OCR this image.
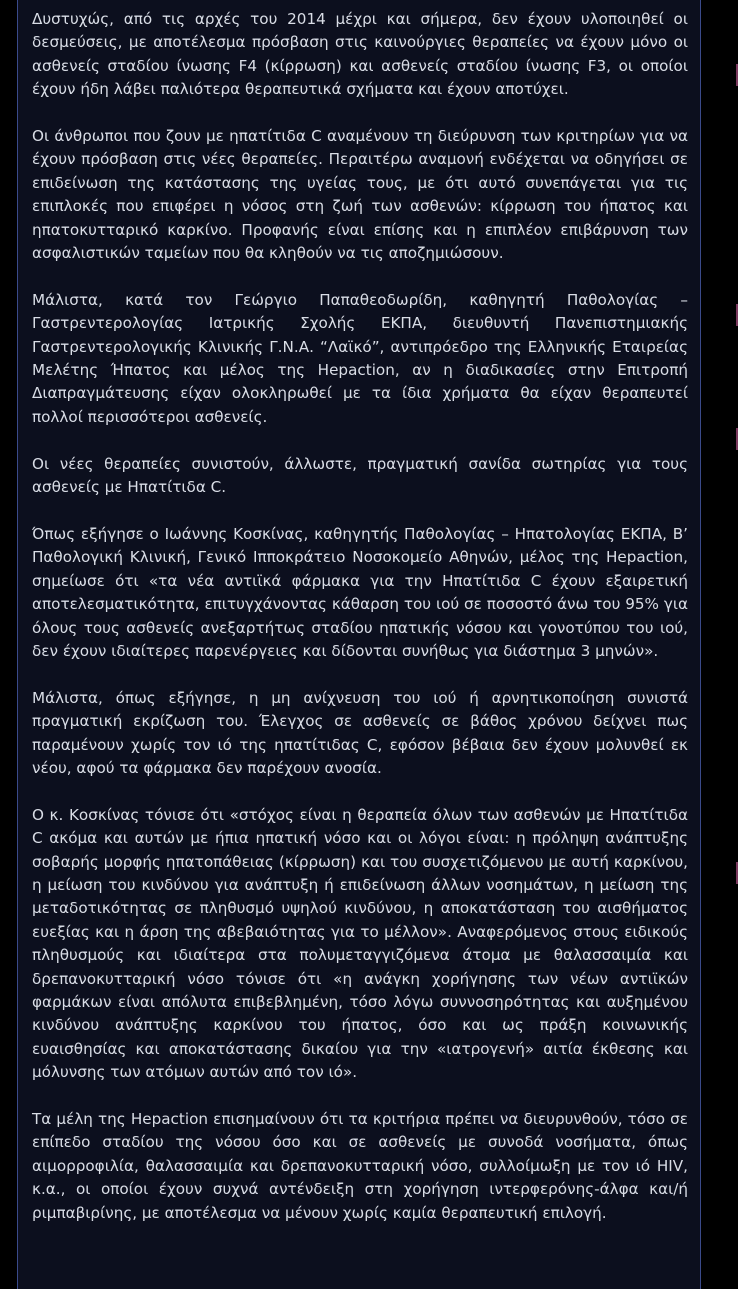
Δυστυχώς, από τις αρχές του 2014 μέχρι και σήμερα, δεν έχουν υλοποιηθεί οι δεσμεύσεις, με αποτέλεσμα πρόσβαση στις καινούργιες θεραπείες να έχουν μόνο οι ασθενείς σταδίου ίνωσης F4 (κίρρωση) και ασθενείς σταδίου ίνωσης F3, οι οποίοι έχουν ήδη λάβει παλιότερα θεραπευτικά σχήματα και έχουν αποτύχει.

Οι άνθρωποι που ζουν με ηπατίτιδα C αναμένουν τη διεύρυνση των κριτηρίων για να έχουν πρόσβαση στις νέες θεραπείες. Περαιτέρω αναμονή ενδέχεται να οδηγήσει σε επιδείνωση της κατάστασης της υγείας τους, με ότι αυτό συνεπάγεται για τις επιπλοκές που επιφέρει η νόσος στη ζωή των ασθενών: κίρρωση του ήπατος και ηπατοκυτταρικό καρκίνο. Προφανής είναι επίσης και η επιπλέον επιβάρυνση των ασφαλιστικών ταμείων που θα κληθούν να τις αποζημιώσουν.

Μάλιστα, κατά τον Γεώργιο Παπαθεοδωρίδη, καθηγητή Παθολογίας – Γαστρεντερολογίας Ιατρικής Σχολής ΕΚΠΑ, διευθυντή Πανεπιστημιακής Γαστρεντερολογικής Κλινικής Γ.Ν.Α. “Λαϊκό”, αντιπρόεδρο της Ελληνικής Εταιρείας Μελέτης Ήπατος και μέλος της Hepaction, αν η διαδικασίες στην Επιτροπή Διαπραγμάτευσης είχαν ολοκληρωθεί με τα ίδια χρήματα θα είχαν θεραπευτεί πολλοί περισσότεροι ασθενείς.

Οι νέες θεραπείες συνιστούν, άλλωστε, πραγματική σανίδα σωτηρίας για τους ασθενείς με Ηπατίτιδα C.

Όπως εξήγησε ο Ιωάννης Κοσκίνας, καθηγητής Παθολογίας – Ηπατολογίας ΕΚΠΑ, Β’ Παθολογική Κλινική, Γενικό Ιπποκράτειο Νοσοκομείο Αθηνών, μέλος της Hepaction, σημείωσε ότι «τα νέα αντιϊκά φάρμακα για την Ηπατίτιδα C έχουν εξαιρετική αποτελεσματικότητα, επιτυγχάνοντας κάθαρση του ιού σε ποσοστό άνω του 95% για όλους τους ασθενείς ανεξαρτήτως σταδίου ηπατικής νόσου και γονοτύπου του ιού, δεν έχουν ιδιαίτερες παρενέργειες και δίδονται συνήθως για διάστημα 3 μηνών».

Μάλιστα, όπως εξήγησε, η μη ανίχνευση του ιού ή αρνητικοποίηση συνιστά πραγματική εκρίζωση του. Έλεγχος σε ασθενείς σε βάθος χρόνου δείχνει πως παραμένουν χωρίς τον ιό της ηπατίτιδας C, εφόσον βέβαια δεν έχουν μολυνθεί εκ νέου, αφού τα φάρμακα δεν παρέχουν ανοσία.

Ο κ. Κοσκίνας τόνισε ότι «στόχος είναι η θεραπεία όλων των ασθενών με Ηπατίτιδα C ακόμα και αυτών με ήπια ηπατική νόσο και οι λόγοι είναι: η πρόληψη ανάπτυξης σοβαρής μορφής ηπατοπάθειας (κίρρωση) και του συσχετιζόμενου με αυτή καρκίνου, η μείωση του κινδύνου για ανάπτυξη ή επιδείνωση άλλων νοσημάτων, η μείωση της μεταδοτικότητας σε πληθυσμό υψηλού κινδύνου, η αποκατάσταση του αισθήματος ευεξίας και η άρση της αβεβαιότητας για το μέλλον». Αναφερόμενος στους ειδικούς πληθυσμούς και ιδιαίτερα στα πολυμεταγγιζόμενα άτομα με θαλασσαιμία και δρεπανοκυτταρική νόσο τόνισε ότι «η ανάγκη χορήγησης των νέων αντιϊκών φαρμάκων είναι απόλυτα επιβεβλημένη, τόσο λόγω συννοσηρότητας και αυξημένου κινδύνου ανάπτυξης καρκίνου του ήπατος, όσο και ως πράξη κοινωνικής ευαισθησίας και αποκατάστασης δικαίου για την «ιατρογενή» αιτία έκθεσης και μόλυνσης των ατόμων αυτών από τον ιό».

Τα μέλη της Hepaction επισημαίνουν ότι τα κριτήρια πρέπει να διευρυνθούν, τόσο σε επίπεδο σταδίου της νόσου όσο και σε ασθενείς με συνοδά νοσήματα, όπως αιμορροφιλία, θαλασσαιμία και δρεπανοκυτταρική νόσο, συλλοίμωξη με τον ιό HIV, κ.α., οι οποίοι έχουν συχνά αντένδειξη στη χορήγηση ιντερφερόνης-άλφα και/ή ριμπαβιρίνης, με αποτέλεσμα να μένουν χωρίς καμία θεραπευτική επιλογή.
